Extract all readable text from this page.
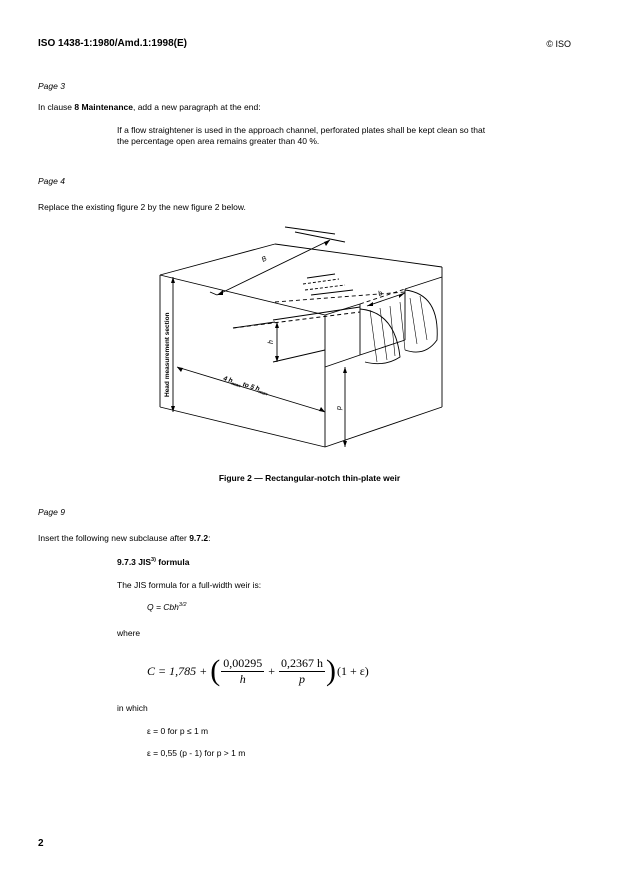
ISO 1438-1:1980/Amd.1:1998(E)	© ISO
Page 3
In clause 8 Maintenance, add a new paragraph at the end:
If a flow straightener is used in the approach channel, perforated plates shall be kept clean so that
the percentage open area remains greater than 40 %.
Page 4
Replace the existing figure 2 by the new figure 2 below.
B
b
h
p
Head measurement section	4 $h_{max}$ to 5 $h_{max}$
Figure 2 — Rectangular-notch thin-plate weir
Page 9
Insert the following new subclause after 9.7.2:
9.7.3 JIS$^{3)}$ formula
The JIS formula for a full-width weir is:
Q = Cbh$^{3/2}$
where
C = 1,785 + ( $\frac{0,00295}{h} + \frac{0,2367 h}{p}$ ) (1 + ε)
in which
ε = 0 for p ≤ 1 m
ε = 0,55 (p - 1) for p > 1 m
2
